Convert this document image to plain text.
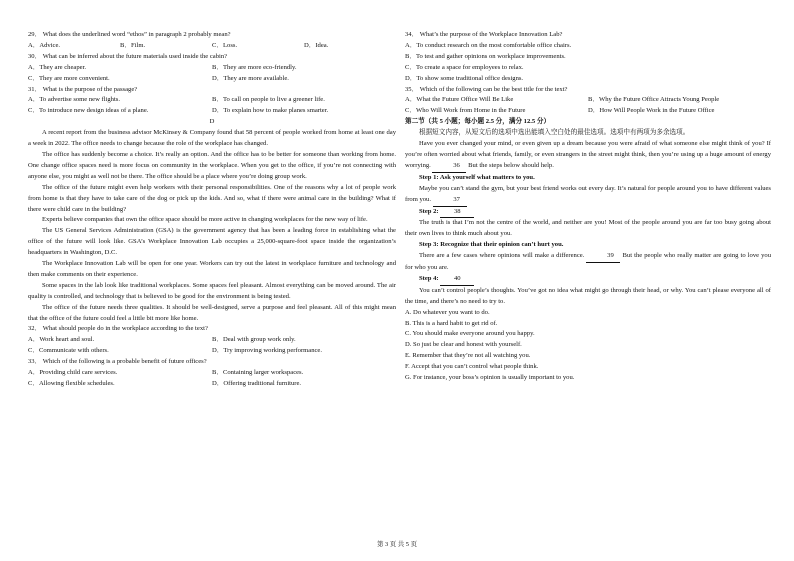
29． What does the underlined word “ethos” in paragraph 2 probably mean?

A．Advice.	B．Film.	C．Loss.	D．Idea.

30． What can be inferred about the future materials used inside the cabin?

A．They are cheaper.	B．They are more eco-friendly.
C．They are more convenient.	D．They are more available.

31． What is the purpose of the passage?

A．To advertise some new flights.	B．To call on people to live a greener life.
C．To introduce new design ideas of a plane.	D．To explain how to make planes smarter.

D

A recent report from the business advisor McKinsey & Company found that 58 percent of people worked from home at least one day a week in 2022. The office needs to change because the role of the workplace has changed.

The office has suddenly become a choice. It’s really an option. And the office has to be better for someone than working from home. One change office spaces need is more focus on community in the workplace. When you get to the office, if you’re not connecting with anyone else, you might as well not be there. The office should be a place where you’re doing group work.

The office of the future might even help workers with their personal responsibilities. One of the reasons why a lot of people work from home is that they have to take care of the dog or pick up the kids. And so, what if there were animal care in the building? What if there were child care in the building?

Experts believe companies that own the office space should be more active in changing workplaces for the new way of life.

The US General Services Administration (GSA) is the government agency that has been a leading force in establishing what the office of the future will look like. GSA’s Workplace Innovation Lab occupies a 25,000-square-foot space inside the organization’s headquarters in Washington, D.C.

The Workplace Innovation Lab will be open for one year. Workers can try out the latest in workplace furniture and technology and then make comments on their experience.

Some spaces in the lab look like traditional workplaces. Some spaces feel pleasant. Almost everything can be moved around. The air quality is controlled, and technology that is believed to be good for the environment is being tested.

The office of the future needs three qualities. It should be well-designed, serve a purpose and feel pleasant. All of this might mean that the office of the future could feel a little bit more like home.

32． What should people do in the workplace according to the text?

A．Work heart and soul.	B．Deal with group work only.
C．Communicate with others.	D．Try improving working performance.

33． Which of the following is a probable benefit of future offices?

A．Providing child care services.	B．Containing larger workspaces.
C．Allowing flexible schedules.	D．Offering traditional furniture.

34． What’s the purpose of the Workplace Innovation Lab?

A．To conduct research on the most comfortable office chairs.

B．To test and gather opinions on workplace improvements.

C．To create a space for employees to relax.

D．To show some traditional office designs.

35． Which of the following can be the best title for the text?

A．What the Future Office Will Be Like	B．Why the Future Office Attracts Young People
C．Who Will Work from Home in the Future	D．How Will People Work in the Future Office

第二节（共 5 小题；每小题 2.5 分，满分 12.5 分）

根据短文内容，从短文后的选项中选出能填入空白处的最佳选项。选项中有两项为多余选项。

Have you ever changed your mind, or even given up a dream because you were afraid of what someone else might think of you? If you’re often worried about what friends, family, or even strangers in the street might think, then you’re using up a huge amount of energy worrying.	36 But the steps below should help.

Step 1: Ask yourself what matters to you.

Maybe you can’t stand the gym, but your best friend works out every day. It’s natural for people around you to have different values from you.	37

Step 2: 38

The truth is that I’m not the centre of the world, and neither are you! Most of the people around you are far too busy going about their own lives to think much about you.

Step 3: Recognize that their opinion can’t hurt you.

There are a few cases where opinions will make a difference.	39 But the people who really matter are going to love you for who you are.

Step 4: 40

You can’t control people’s thoughts. You’ve got no idea what might go through their head, or why. You can’t please everyone all of the time, and there’s no need to try to.

A. Do whatever you want to do.

B. This is a hard habit to get rid of.

C. You should make everyone around you happy.

D. So just be clear and honest with yourself.

E. Remember that they’re not all watching you.

F. Accept that you can’t control what people think.

G. For instance, your boss’s opinion is usually important to you.

第 3 页 共 5 页
